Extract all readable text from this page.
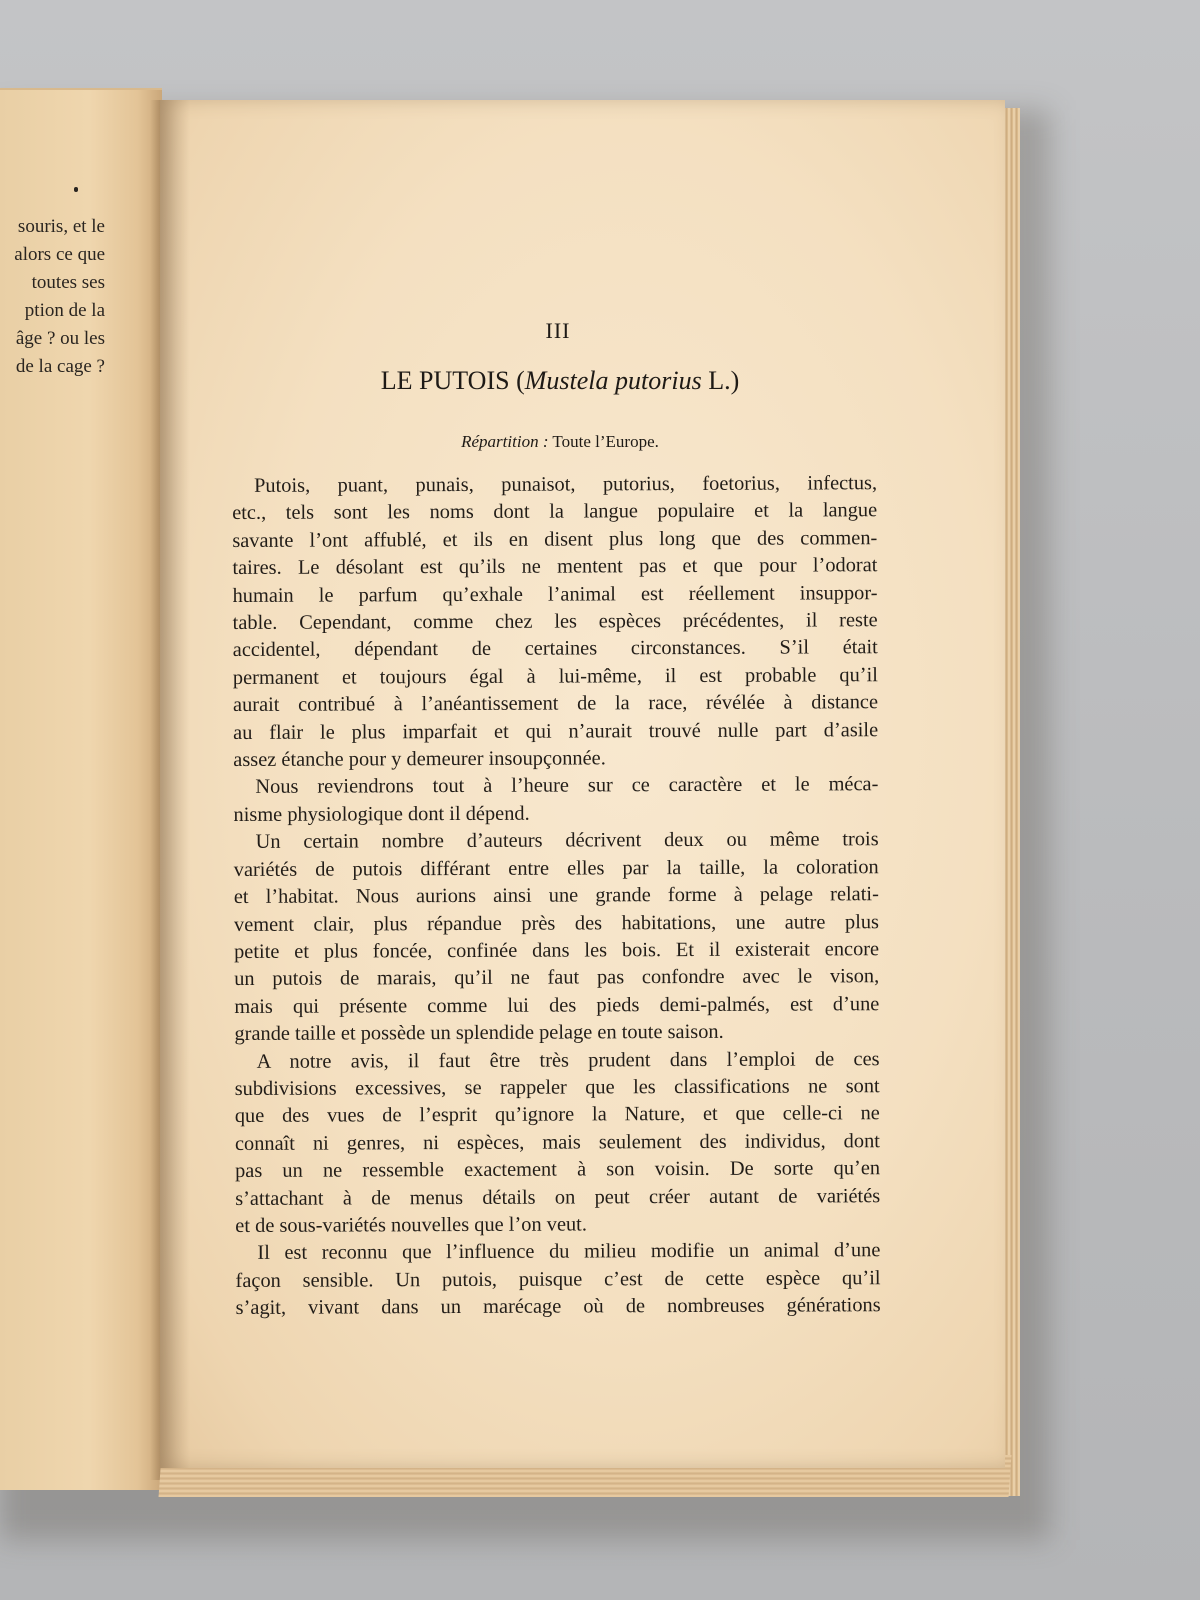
souris, et le
alors ce que
toutes ses
ption de la
âge ? ou les
de la cage ?
III
LE PUTOIS (Mustela putorius L.)
Répartition : Toute l’Europe.
Putois, puant, punais, punaisot, putorius, foetorius, infectus,
etc., tels sont les noms dont la langue populaire et la langue
savante l’ont affublé, et ils en disent plus long que des commen-
taires. Le désolant est qu’ils ne mentent pas et que pour l’odorat
humain le parfum qu’exhale l’animal est réellement insuppor-
table. Cependant, comme chez les espèces précédentes, il reste
accidentel, dépendant de certaines circonstances. S’il était
permanent et toujours égal à lui-même, il est probable qu’il
aurait contribué à l’anéantissement de la race, révélée à distance
au flair le plus imparfait et qui n’aurait trouvé nulle part d’asile
assez étanche pour y demeurer insoupçonnée.
Nous reviendrons tout à l’heure sur ce caractère et le méca-
nisme physiologique dont il dépend.
Un certain nombre d’auteurs décrivent deux ou même trois
variétés de putois différant entre elles par la taille, la coloration
et l’habitat. Nous aurions ainsi une grande forme à pelage relati-
vement clair, plus répandue près des habitations, une autre plus
petite et plus foncée, confinée dans les bois. Et il existerait encore
un putois de marais, qu’il ne faut pas confondre avec le vison,
mais qui présente comme lui des pieds demi-palmés, est d’une
grande taille et possède un splendide pelage en toute saison.
A notre avis, il faut être très prudent dans l’emploi de ces
subdivisions excessives, se rappeler que les classifications ne sont
que des vues de l’esprit qu’ignore la Nature, et que celle-ci ne
connaît ni genres, ni espèces, mais seulement des individus, dont
pas un ne ressemble exactement à son voisin. De sorte qu’en
s’attachant à de menus détails on peut créer autant de variétés
et de sous-variétés nouvelles que l’on veut.
Il est reconnu que l’influence du milieu modifie un animal d’une
façon sensible. Un putois, puisque c’est de cette espèce qu’il
s’agit, vivant dans un marécage où de nombreuses générations
